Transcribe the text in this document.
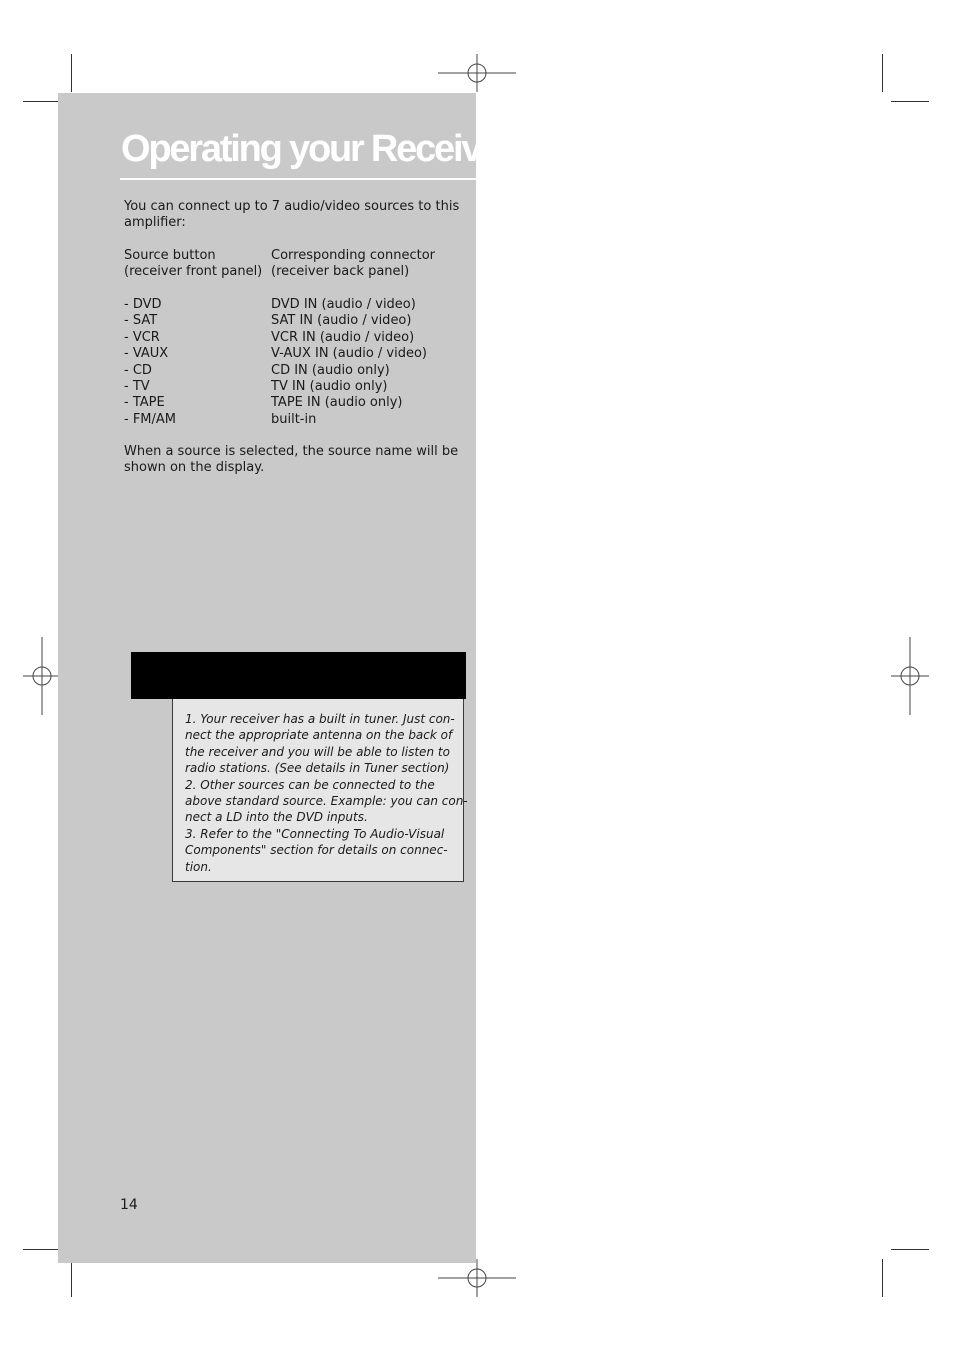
Operating your Receiver
You can connect up to 7 audio/video sources to this
amplifier:
Source button
(receiver front panel)
Corresponding connector
(receiver back panel)
- DVD
- SAT
- VCR
- VAUX
- CD
- TV
- TAPE
- FM/AM
DVD IN (audio / video)
SAT IN (audio / video)
VCR IN (audio / video)
V-AUX IN (audio / video)
CD IN (audio only)
TV IN (audio only)
TAPE IN (audio only)
built-in
When a source is selected, the source name will be
shown on the display.
1. Your receiver has a built in tuner. Just con-
nect the appropriate antenna on the back of
the receiver and you will be able to listen to
radio stations. (See details in Tuner section)
2. Other sources can be connected to the
above standard source. Example: you can con-
nect a LD into the DVD inputs.
3. Refer to the "Connecting To Audio-Visual
Components" section for details on connec-
tion.
14
